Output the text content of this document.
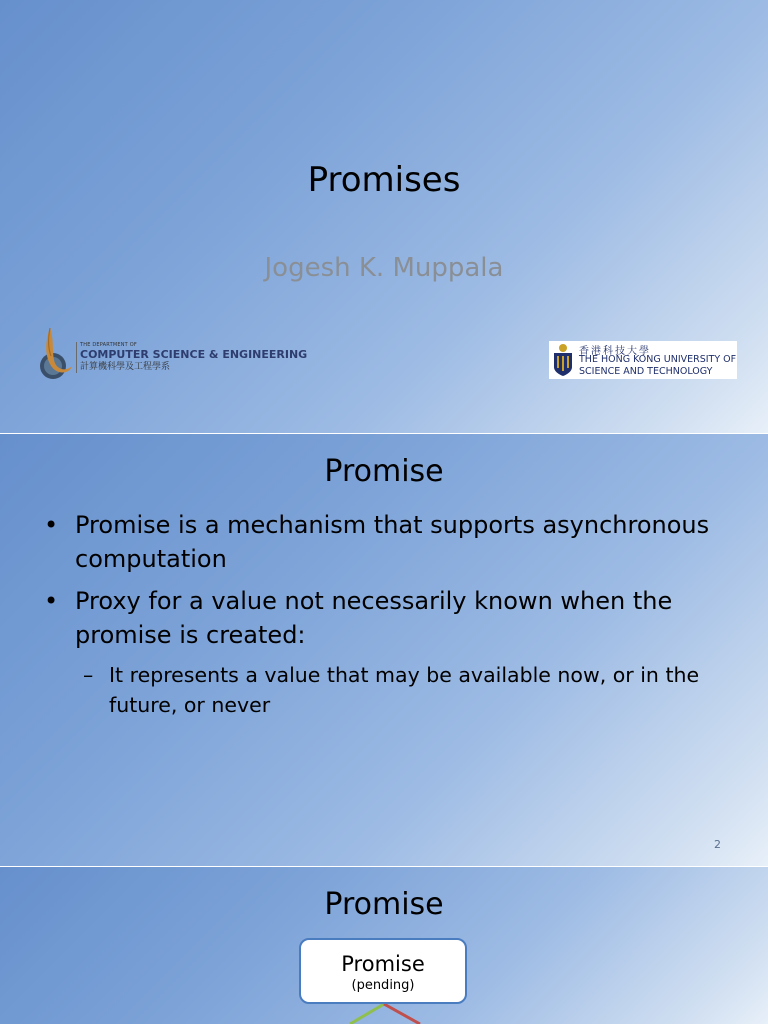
Promises
Jogesh K. Muppala
THE DEPARTMENT OF
COMPUTER SCIENCE & ENGINEERING
計算機科學及工程學系
香港科技大學
THE HONG KONG UNIVERSITY OF
SCIENCE AND TECHNOLOGY
Promise
• Promise is a mechanism that supports asynchronous computation
• Proxy for a value not necessarily known when the promise is created:
– It represents a value that may be available now, or in the future, or never
2
Promise
Promise
(pending)
